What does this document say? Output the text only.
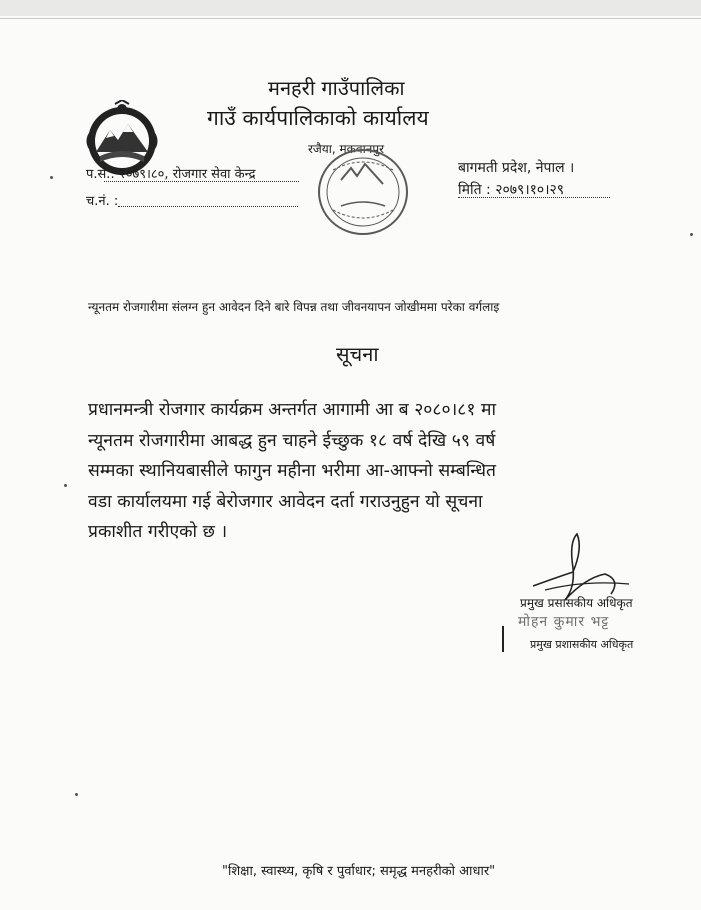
मनहरी गाउँपालिका
गाउँ कार्यपालिकाको कार्यालय
रजैया, मकवानपुर
प.सं.: २०७९।८०, रोजगार सेवा केन्द्र
च.नं. :
बागमती प्रदेश, नेपाल ।
मिति : २०७९।१०।२९
न्यूनतम रोजगारीमा संलग्न हुन आवेदन दिने बारे विपन्न तथा जीवनयापन जोखीममा परेका वर्गलाइ
सूचना

प्रधानमन्त्री रोजगार कार्यक्रम अन्तर्गत आगामी आ ब २०८०।८१ मा

न्यूनतम रोजगारीमा आबद्ध हुन चाहने ईच्छुक १८ वर्ष देखि ५९ वर्ष

सम्मका स्थानियबासीले फागुन महीना भरीमा आ-आफ्नो सम्बन्धित

वडा कार्यालयमा गई बेरोजगार आवेदन दर्ता गराउनुहुन यो सूचना

प्रकाशीत गरीएको छ ।

प्रमुख प्रसासकीय अधिकृत
मोहन कुमार भट्ट
प्रमुख प्रशासकीय अधिकृत
"शिक्षा, स्वास्थ्य, कृषि र पुर्वाधार; समृद्ध मनहरीको आधार"
